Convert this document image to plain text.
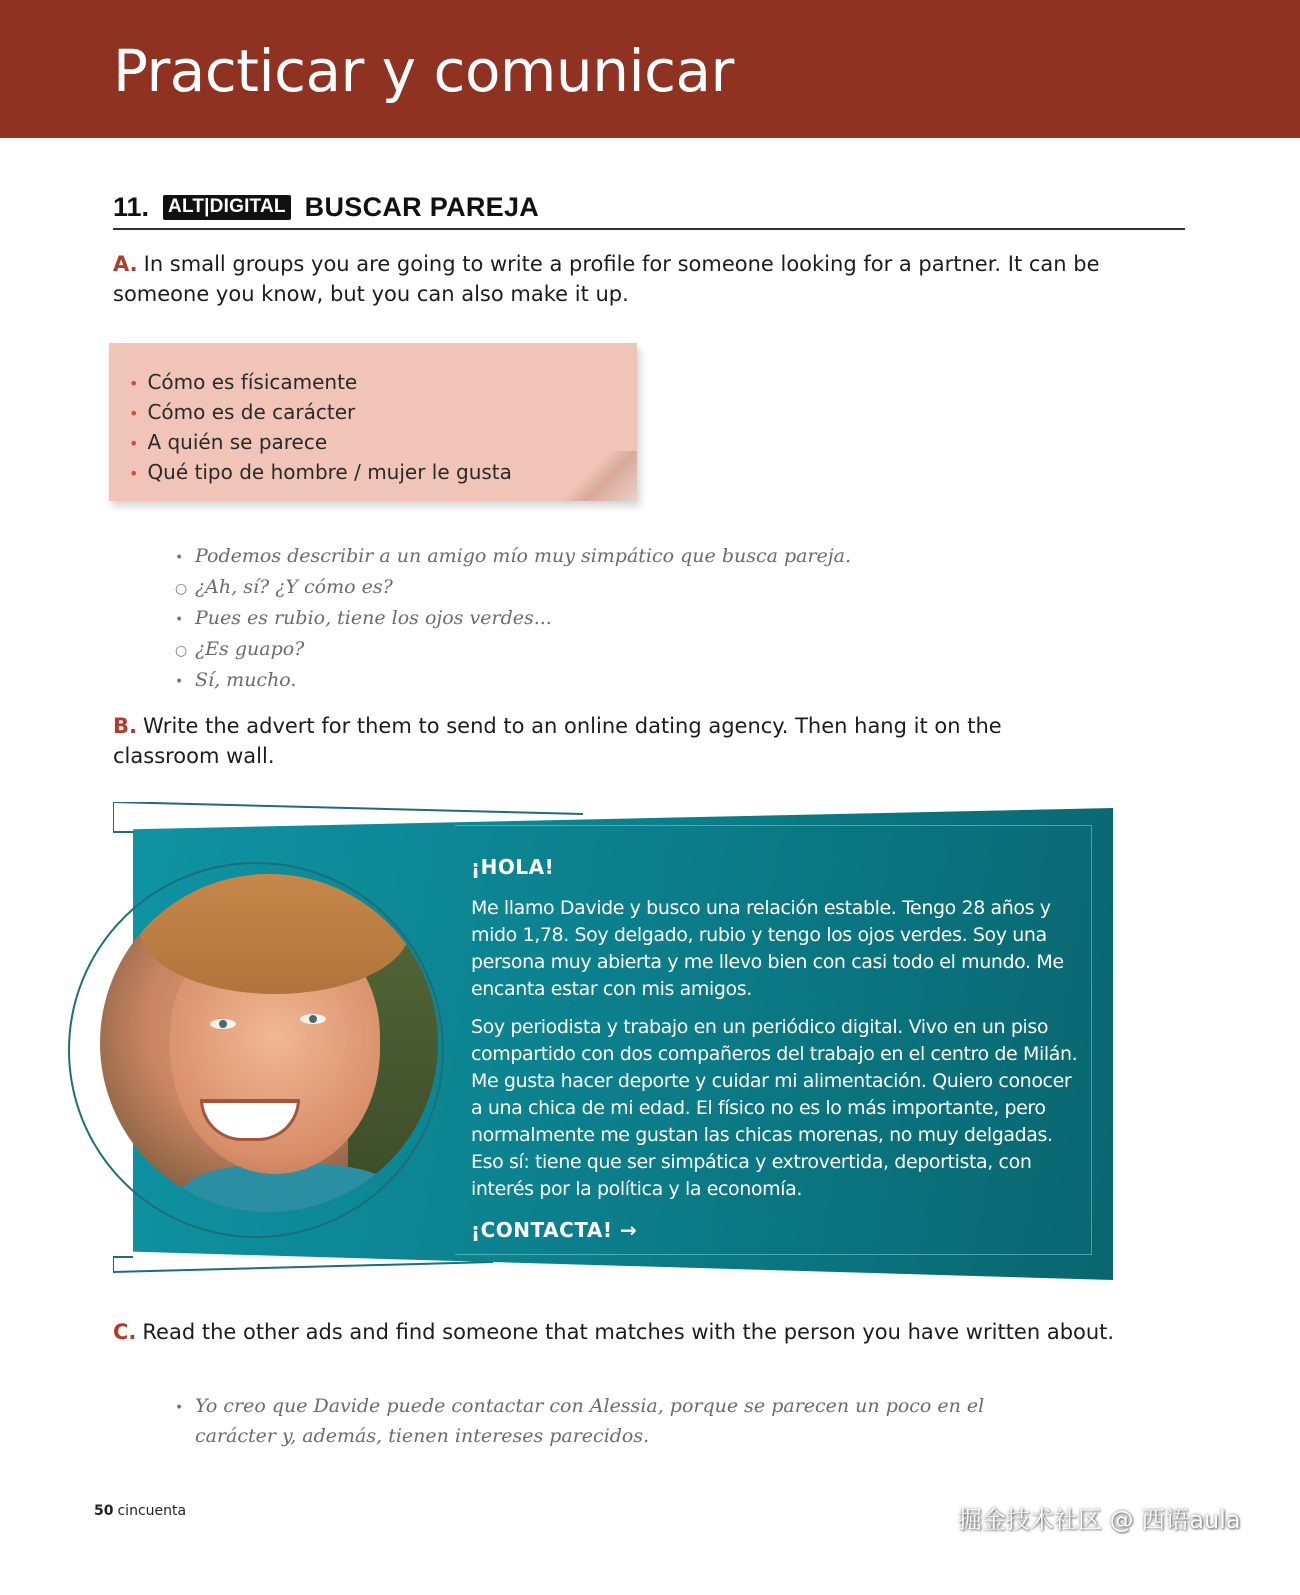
Practicar y comunicar
11. ALT|DIGITAL BUSCAR PAREJA
A. In small groups you are going to write a profile for someone looking for a partner. It can be someone you know, but you can also make it up.
• Cómo es físicamente
• Cómo es de carácter
• A quién se parece
• Qué tipo de hombre / mujer le gusta
• Podemos describir a un amigo mío muy simpático que busca pareja.
○ ¿Ah, sí? ¿Y cómo es?
• Pues es rubio, tiene los ojos verdes...
○ ¿Es guapo?
• Sí, mucho.
B. Write the advert for them to send to an online dating agency. Then hang it on the classroom wall.
¡HOLA!
Me llamo Davide y busco una relación estable. Tengo 28 años y mido 1,78. Soy delgado, rubio y tengo los ojos verdes. Soy una persona muy abierta y me llevo bien con casi todo el mundo. Me encanta estar con mis amigos.
Soy periodista y trabajo en un periódico digital. Vivo en un piso compartido con dos compañeros del trabajo en el centro de Milán. Me gusta hacer deporte y cuidar mi alimentación. Quiero conocer a una chica de mi edad. El físico no es lo más importante, pero normalmente me gustan las chicas morenas, no muy delgadas. Eso sí: tiene que ser simpática y extrovertida, deportista, con interés por la política y la economía.
¡CONTACTA! →
C. Read the other ads and find someone that matches with the person you have written about.
• Yo creo que Davide puede contactar con Alessia, porque se parecen un poco en el
carácter y, además, tienen intereses parecidos.
50 cincuenta	掘金技术社区 @ 西语aula
